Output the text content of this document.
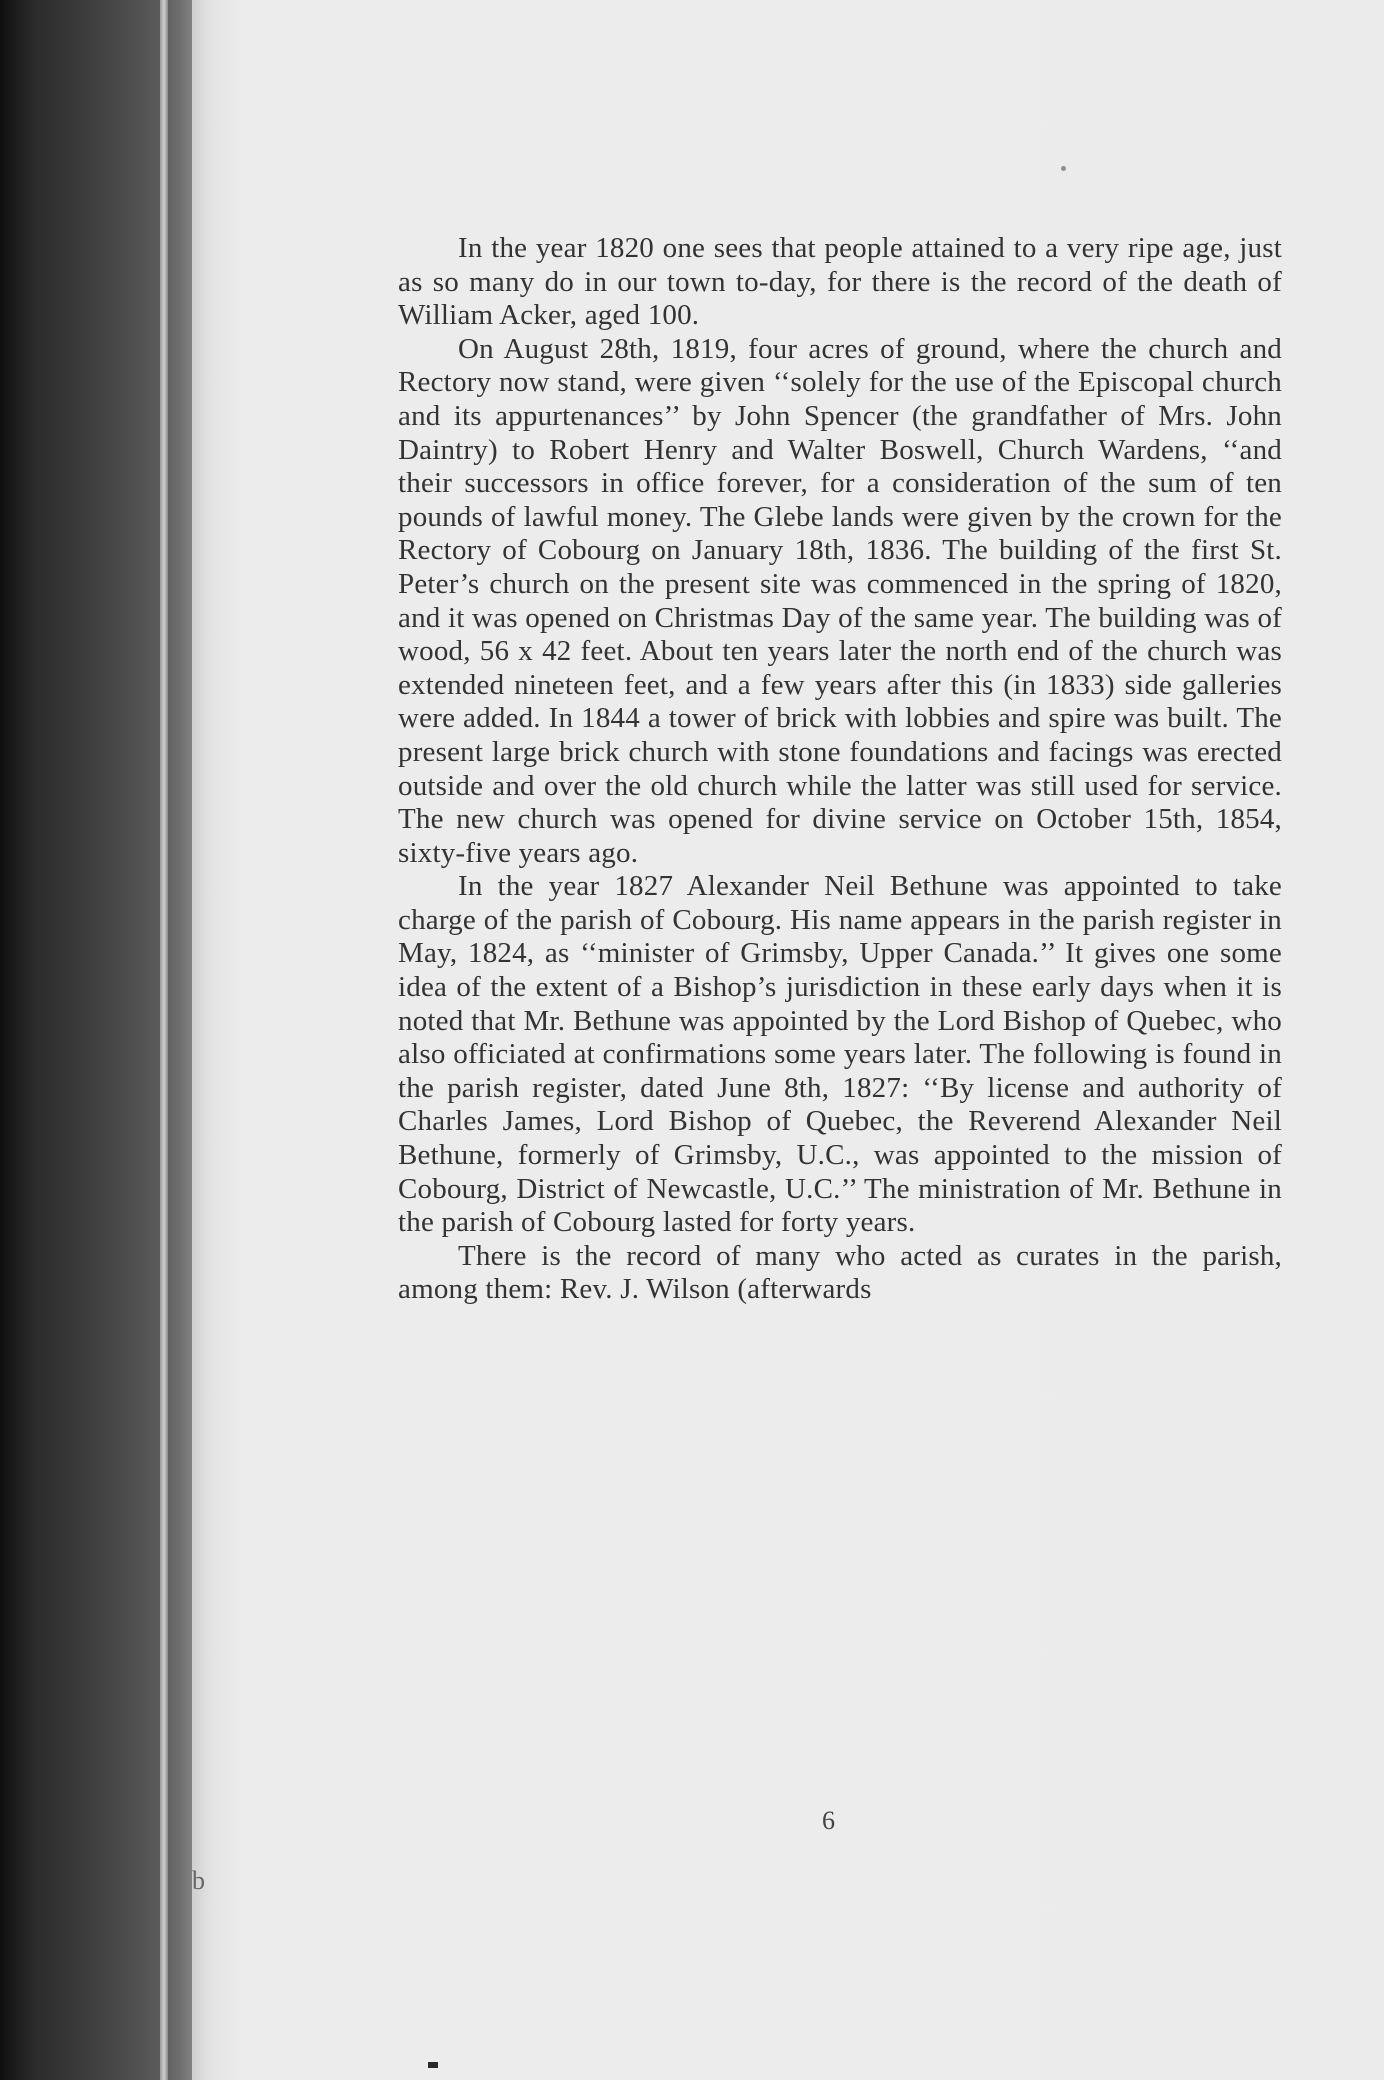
In the year 1820 one sees that people attained to a very ripe age, just as so many do in our town to-day, for there is the record of the death of William Acker, aged 100.

On August 28th, 1819, four acres of ground, where the church and Rectory now stand, were given ‘‘solely for the use of the Episcopal church and its appurtenances’’ by John Spencer (the grandfather of Mrs. John Daintry) to Robert Henry and Walter Boswell, Church Wardens, ‘‘and their successors in office forever, for a consideration of the sum of ten pounds of lawful money. The Glebe lands were given by the crown for the Rectory of Cobourg on January 18th, 1836. The building of the first St. Peter’s church on the present site was commenced in the spring of 1820, and it was opened on Christmas Day of the same year. The building was of wood, 56 x 42 feet. About ten years later the north end of the church was extended nineteen feet, and a few years after this (in 1833) side galleries were added. In 1844 a tower of brick with lobbies and spire was built. The present large brick church with stone foundations and facings was erected outside and over the old church while the latter was still used for service. The new church was opened for divine service on October 15th, 1854, sixty-five years ago.

In the year 1827 Alexander Neil Bethune was appointed to take charge of the parish of Cobourg. His name appears in the parish register in May, 1824, as ‘‘minister of Grimsby, Upper Canada.’’ It gives one some idea of the extent of a Bishop’s jurisdiction in these early days when it is noted that Mr. Bethune was appointed by the Lord Bishop of Quebec, who also officiated at confirmations some years later. The following is found in the parish register, dated June 8th, 1827: ‘‘By license and authority of Charles James, Lord Bishop of Quebec, the Reverend Alexander Neil Bethune, formerly of Grimsby, U.C., was appointed to the mission of Cobourg, District of Newcastle, U.C.’’ The ministration of Mr. Bethune in the parish of Cobourg lasted for forty years.

There is the record of many who acted as curates in the parish, among them: Rev. J. Wilson (afterwards

6
b
